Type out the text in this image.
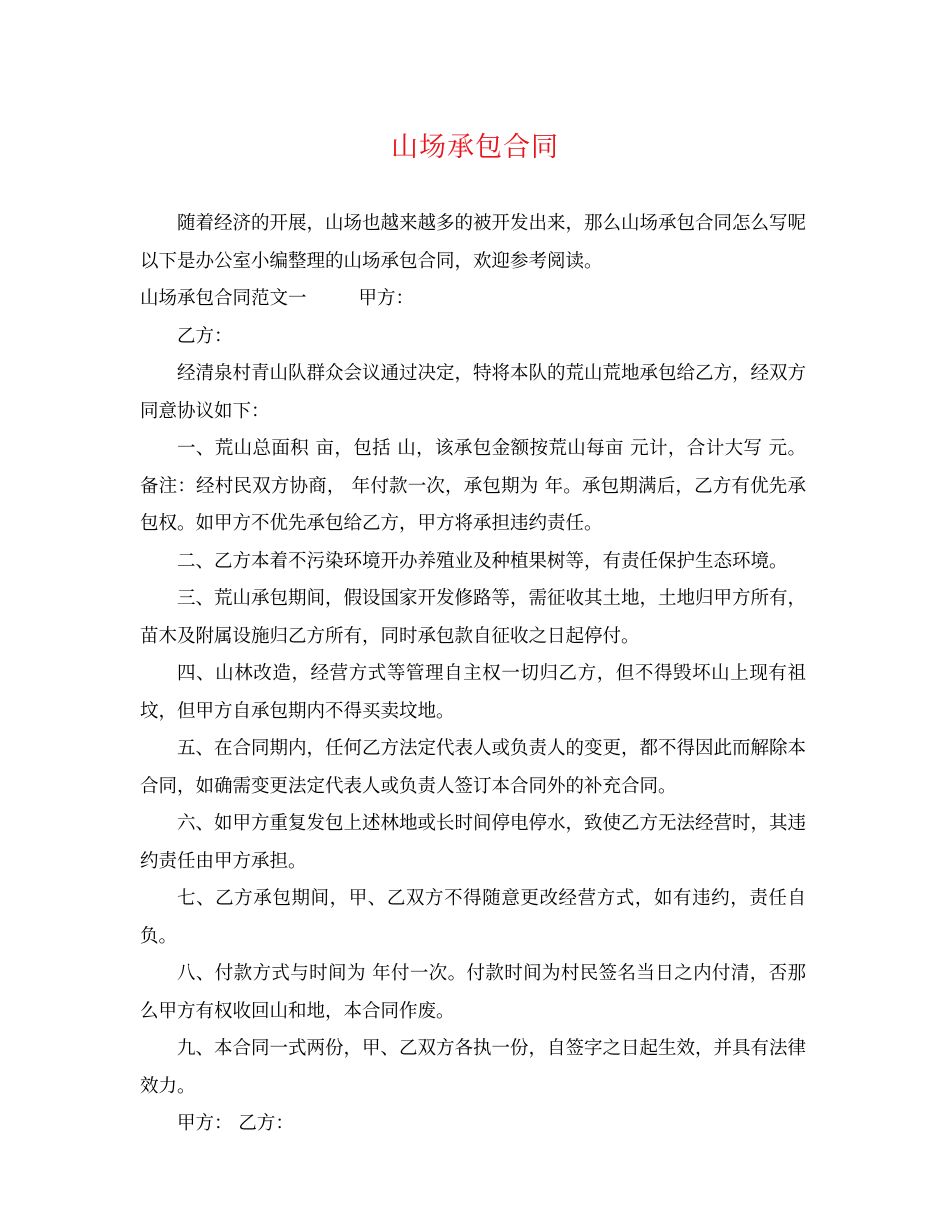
山场承包合同

随着经济的开展，山场也越来越多的被开发出来，那么山场承包合同怎么写呢以下是办公室小编整理的山场承包合同，欢迎参考阅读。

山场承包合同范文一	甲方：

乙方：

经清泉村青山队群众会议通过决定，特将本队的荒山荒地承包给乙方，经双方同意协议如下：

一、荒山总面积 亩，包括 山，该承包金额按荒山每亩 元计，合计大写 元。备注：经村民双方协商， 年付款一次，承包期为 年。承包期满后，乙方有优先承包权。如甲方不优先承包给乙方，甲方将承担违约责任。

二、乙方本着不污染环境开办养殖业及种植果树等，有责任保护生态环境。

三、荒山承包期间，假设国家开发修路等，需征收其土地，土地归甲方所有，苗木及附属设施归乙方所有，同时承包款自征收之日起停付。

四、山林改造，经营方式等管理自主权一切归乙方，但不得毁坏山上现有祖坟，但甲方自承包期内不得买卖坟地。

五、在合同期内，任何乙方法定代表人或负责人的变更，都不得因此而解除本合同，如确需变更法定代表人或负责人签订本合同外的补充合同。

六、如甲方重复发包上述林地或长时间停电停水，致使乙方无法经营时，其违约责任由甲方承担。

七、乙方承包期间，甲、乙双方不得随意更改经营方式，如有违约，责任自负。

八、付款方式与时间为 年付一次。付款时间为村民签名当日之内付清，否那么甲方有权收回山和地，本合同作废。

九、本合同一式两份，甲、乙双方各执一份，自签字之日起生效，并具有法律效力。

甲方： 乙方：
